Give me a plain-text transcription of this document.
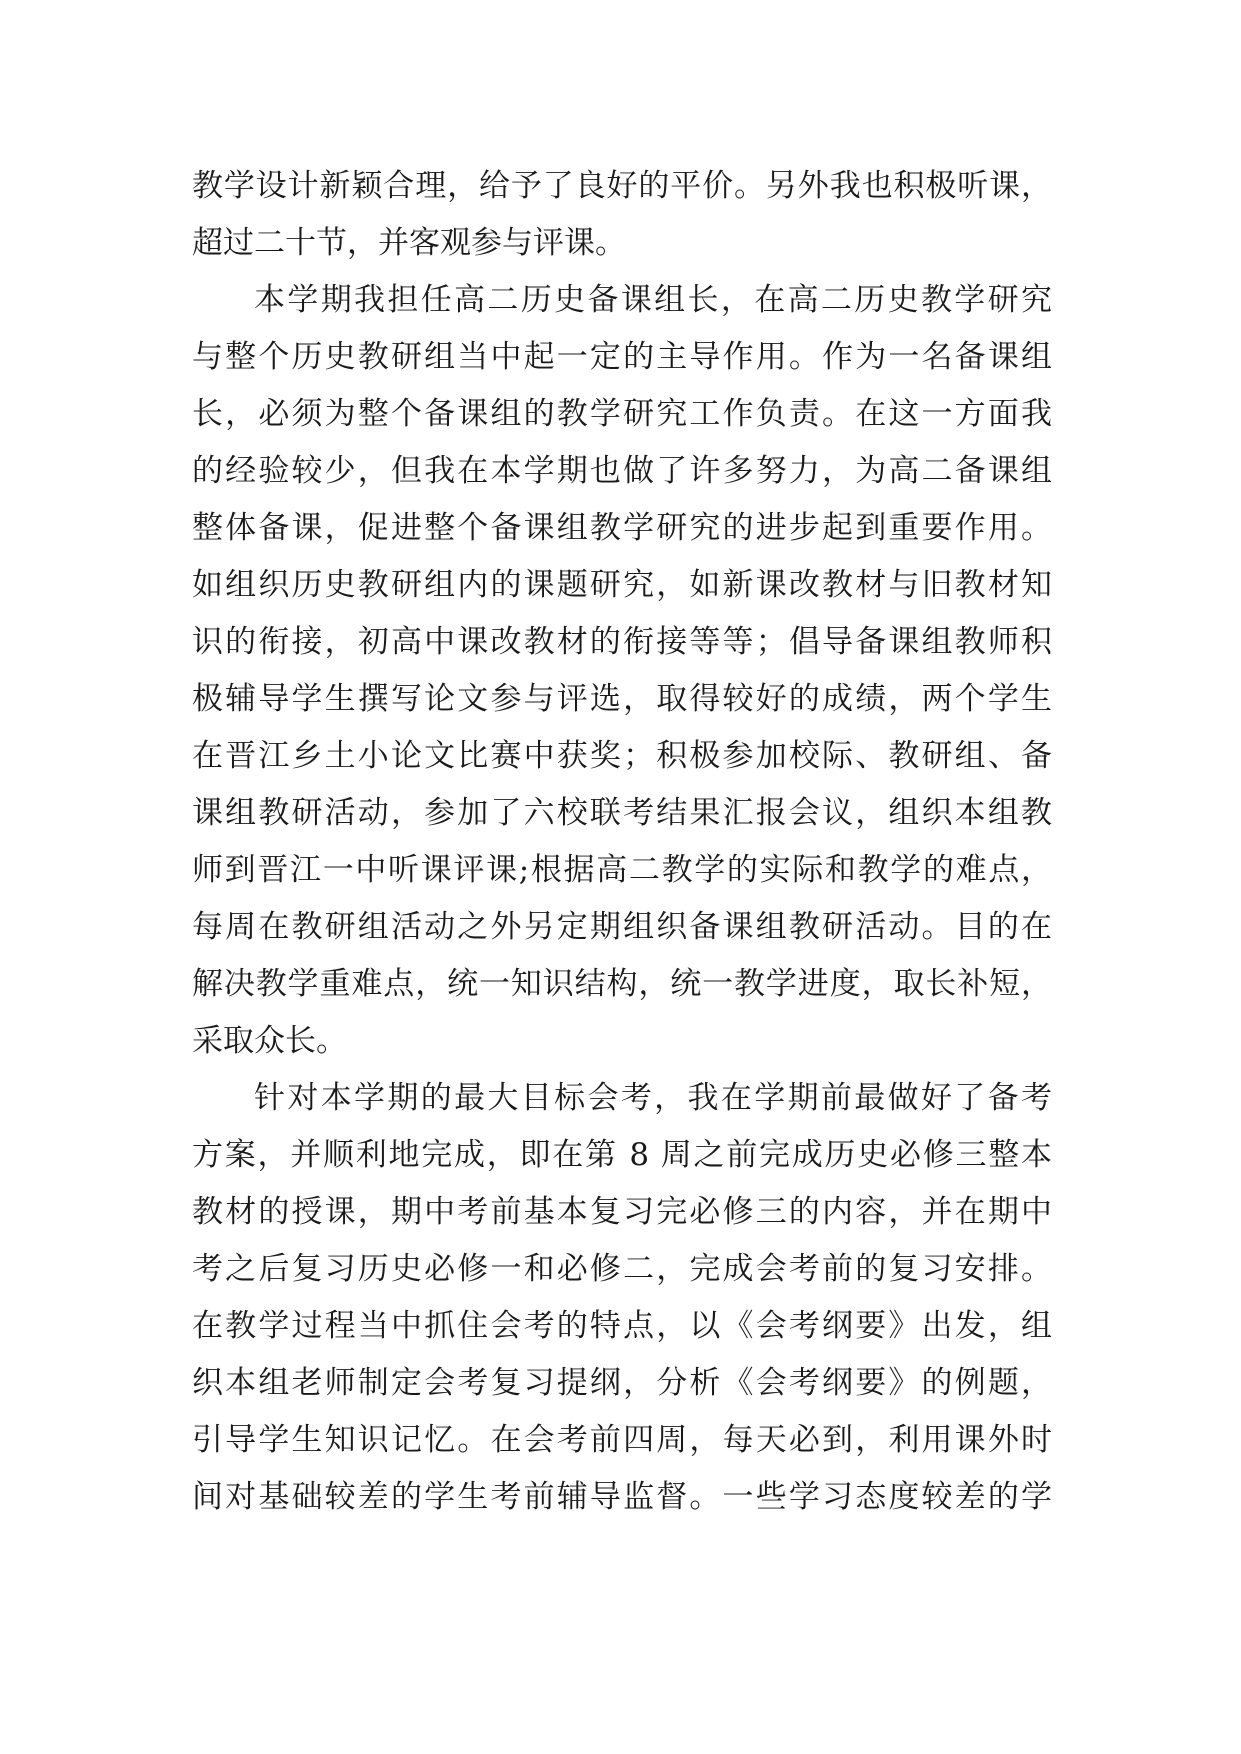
教学设计新颖合理，给予了良好的平价。另外我也积极听课，
超过二十节，并客观参与评课。
本学期我担任高二历史备课组长，在高二历史教学研究
与整个历史教研组当中起一定的主导作用。作为一名备课组
长，必须为整个备课组的教学研究工作负责。在这一方面我
的经验较少，但我在本学期也做了许多努力，为高二备课组
整体备课，促进整个备课组教学研究的进步起到重要作用。
如组织历史教研组内的课题研究，如新课改教材与旧教材知
识的衔接，初高中课改教材的衔接等等；倡导备课组教师积
极辅导学生撰写论文参与评选，取得较好的成绩，两个学生
在晋江乡土小论文比赛中获奖；积极参加校际、教研组、备
课组教研活动，参加了六校联考结果汇报会议，组织本组教
师到晋江一中听课评课;根据高二教学的实际和教学的难点，
每周在教研组活动之外另定期组织备课组教研活动。目的在
解决教学重难点，统一知识结构，统一教学进度，取长补短，
采取众长。
针对本学期的最大目标会考，我在学期前最做好了备考
方案，并顺利地完成，即在第 8 周之前完成历史必修三整本
教材的授课，期中考前基本复习完必修三的内容，并在期中
考之后复习历史必修一和必修二，完成会考前的复习安排。
在教学过程当中抓住会考的特点，以《会考纲要》出发，组
织本组老师制定会考复习提纲，分析《会考纲要》的例题，
引导学生知识记忆。在会考前四周，每天必到，利用课外时
间对基础较差的学生考前辅导监督。一些学习态度较差的学
